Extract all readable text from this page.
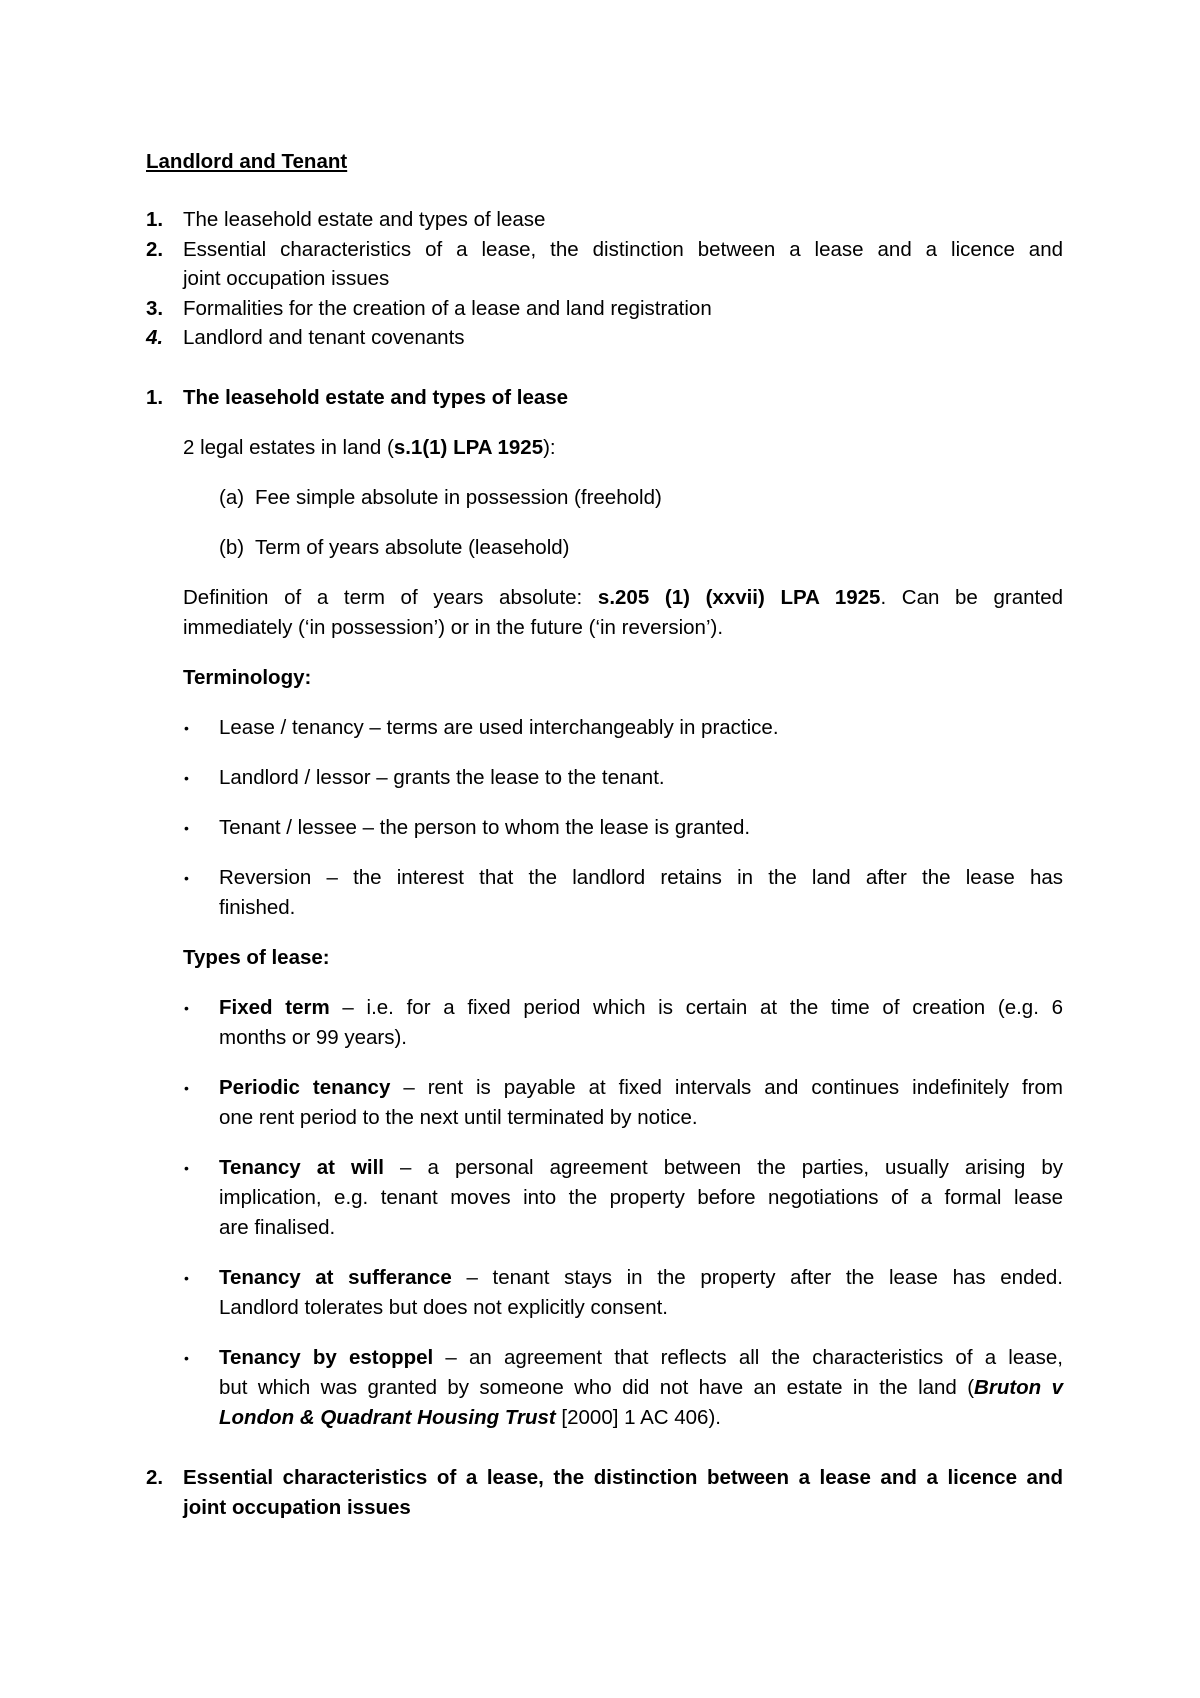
Landlord and Tenant
1. The leasehold estate and types of lease
2. Essential characteristics of a lease, the distinction between a lease and a licence and
joint occupation issues
3. Formalities for the creation of a lease and land registration
4. Landlord and tenant covenants
1. The leasehold estate and types of lease
2 legal estates in land (s.1(1) LPA 1925):
(a) Fee simple absolute in possession (freehold)
(b) Term of years absolute (leasehold)
Definition of a term of years absolute: s.205 (1) (xxvii) LPA 1925. Can be granted
immediately (‘in possession’) or in the future (‘in reversion’).
Terminology:
• Lease / tenancy – terms are used interchangeably in practice.
• Landlord / lessor – grants the lease to the tenant.
• Tenant / lessee – the person to whom the lease is granted.
• Reversion – the interest that the landlord retains in the land after the lease has
finished.
Types of lease:
• Fixed term – i.e. for a fixed period which is certain at the time of creation (e.g. 6
months or 99 years).
• Periodic tenancy – rent is payable at fixed intervals and continues indefinitely from
one rent period to the next until terminated by notice.
• Tenancy at will – a personal agreement between the parties, usually arising by
implication, e.g. tenant moves into the property before negotiations of a formal lease
are finalised.
• Tenancy at sufferance – tenant stays in the property after the lease has ended.
Landlord tolerates but does not explicitly consent.
• Tenancy by estoppel – an agreement that reflects all the characteristics of a lease,
but which was granted by someone who did not have an estate in the land (Bruton v
London & Quadrant Housing Trust [2000] 1 AC 406).
2. Essential characteristics of a lease, the distinction between a lease and a licence and
joint occupation issues
